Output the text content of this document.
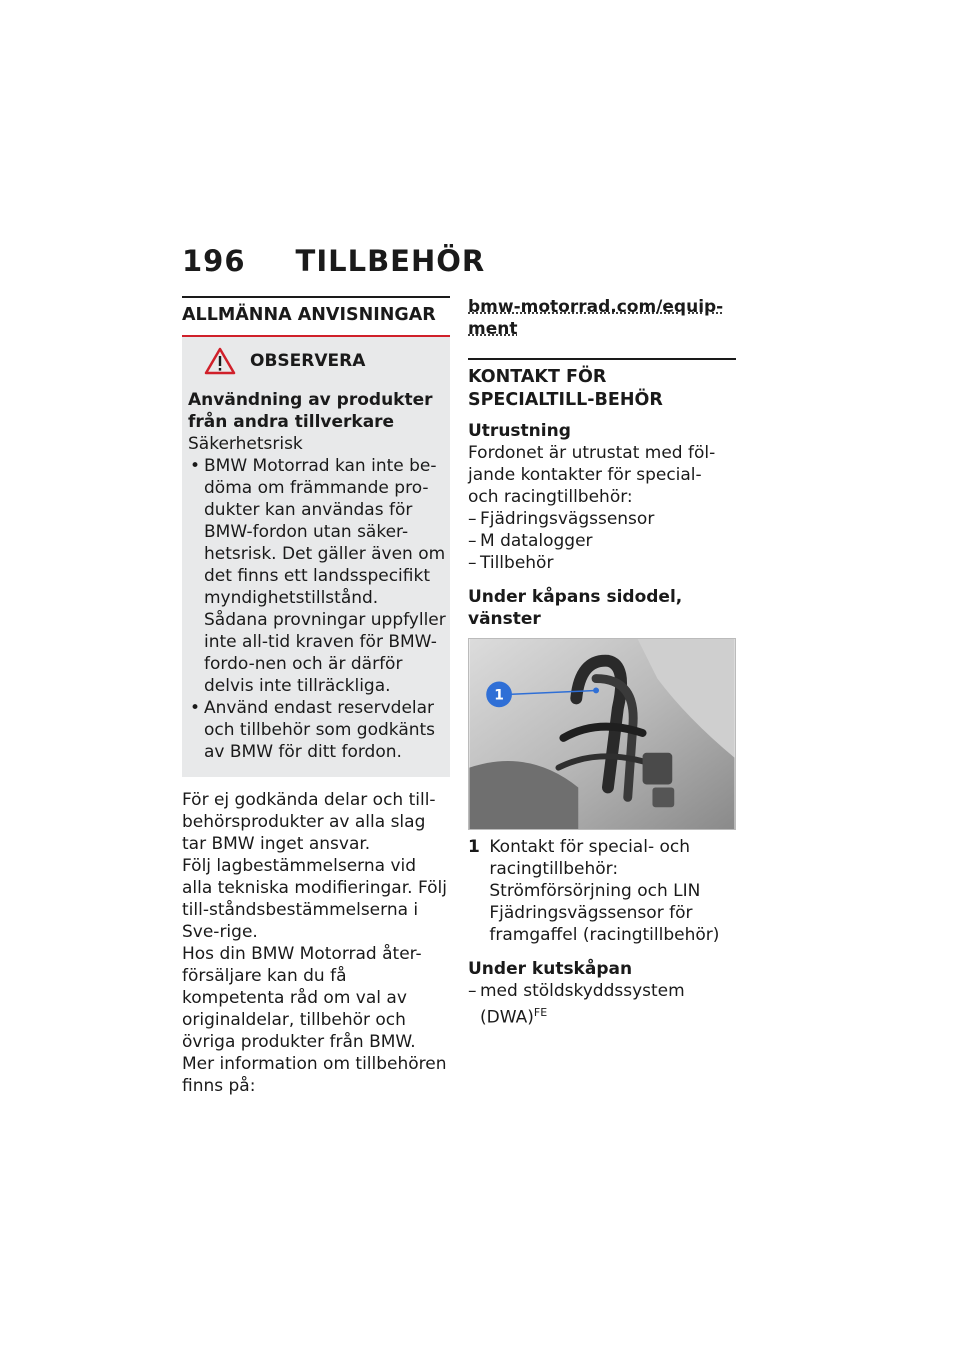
196 TILLBEHÖR
ALLMÄNNA ANVISNINGAR
OBSERVERA
Användning av produkter
från andra tillverkare
Säkerhetsrisk
• BMW Motorrad kan inte be-döma om främmande pro-dukter kan användas för BMW-fordon utan säker-hetsrisk. Det gäller även om det finns ett landsspecifikt myndighetstillstånd. Sådana provningar uppfyller inte all-tid kraven för BMW-fordo-nen och är därför delvis inte tillräckliga.
• Använd endast reservdelar och tillbehör som godkänts av BMW för ditt fordon.
För ej godkända delar och till-behörsprodukter av alla slag tar BMW inget ansvar.
Följ lagbestämmelserna vid alla tekniska modifieringar. Följ till-ståndsbestämmelserna i Sve-rige.
Hos din BMW Motorrad åter-försäljare kan du få kompetenta råd om val av originaldelar, tillbehör och övriga produkter från BMW.
Mer information om tillbehören finns på:
bmw-motorrad.com/equip-ment
KONTAKT FÖR SPECIALTILL-BEHÖR
Utrustning
Fordonet är utrustat med föl-jande kontakter för special- och racingtillbehör:
– Fjädringsvägssensor
– M datalogger
– Tillbehör
Under kåpans sidodel, vänster
1
1 Kontakt för special- och racingtillbehör:
Strömförsörjning och LIN
Fjädringsvägssensor för framgaffel (racingtillbehör)
Under kutskåpan
– med stöldskyddssystem
(DWA)$^{FE}$
